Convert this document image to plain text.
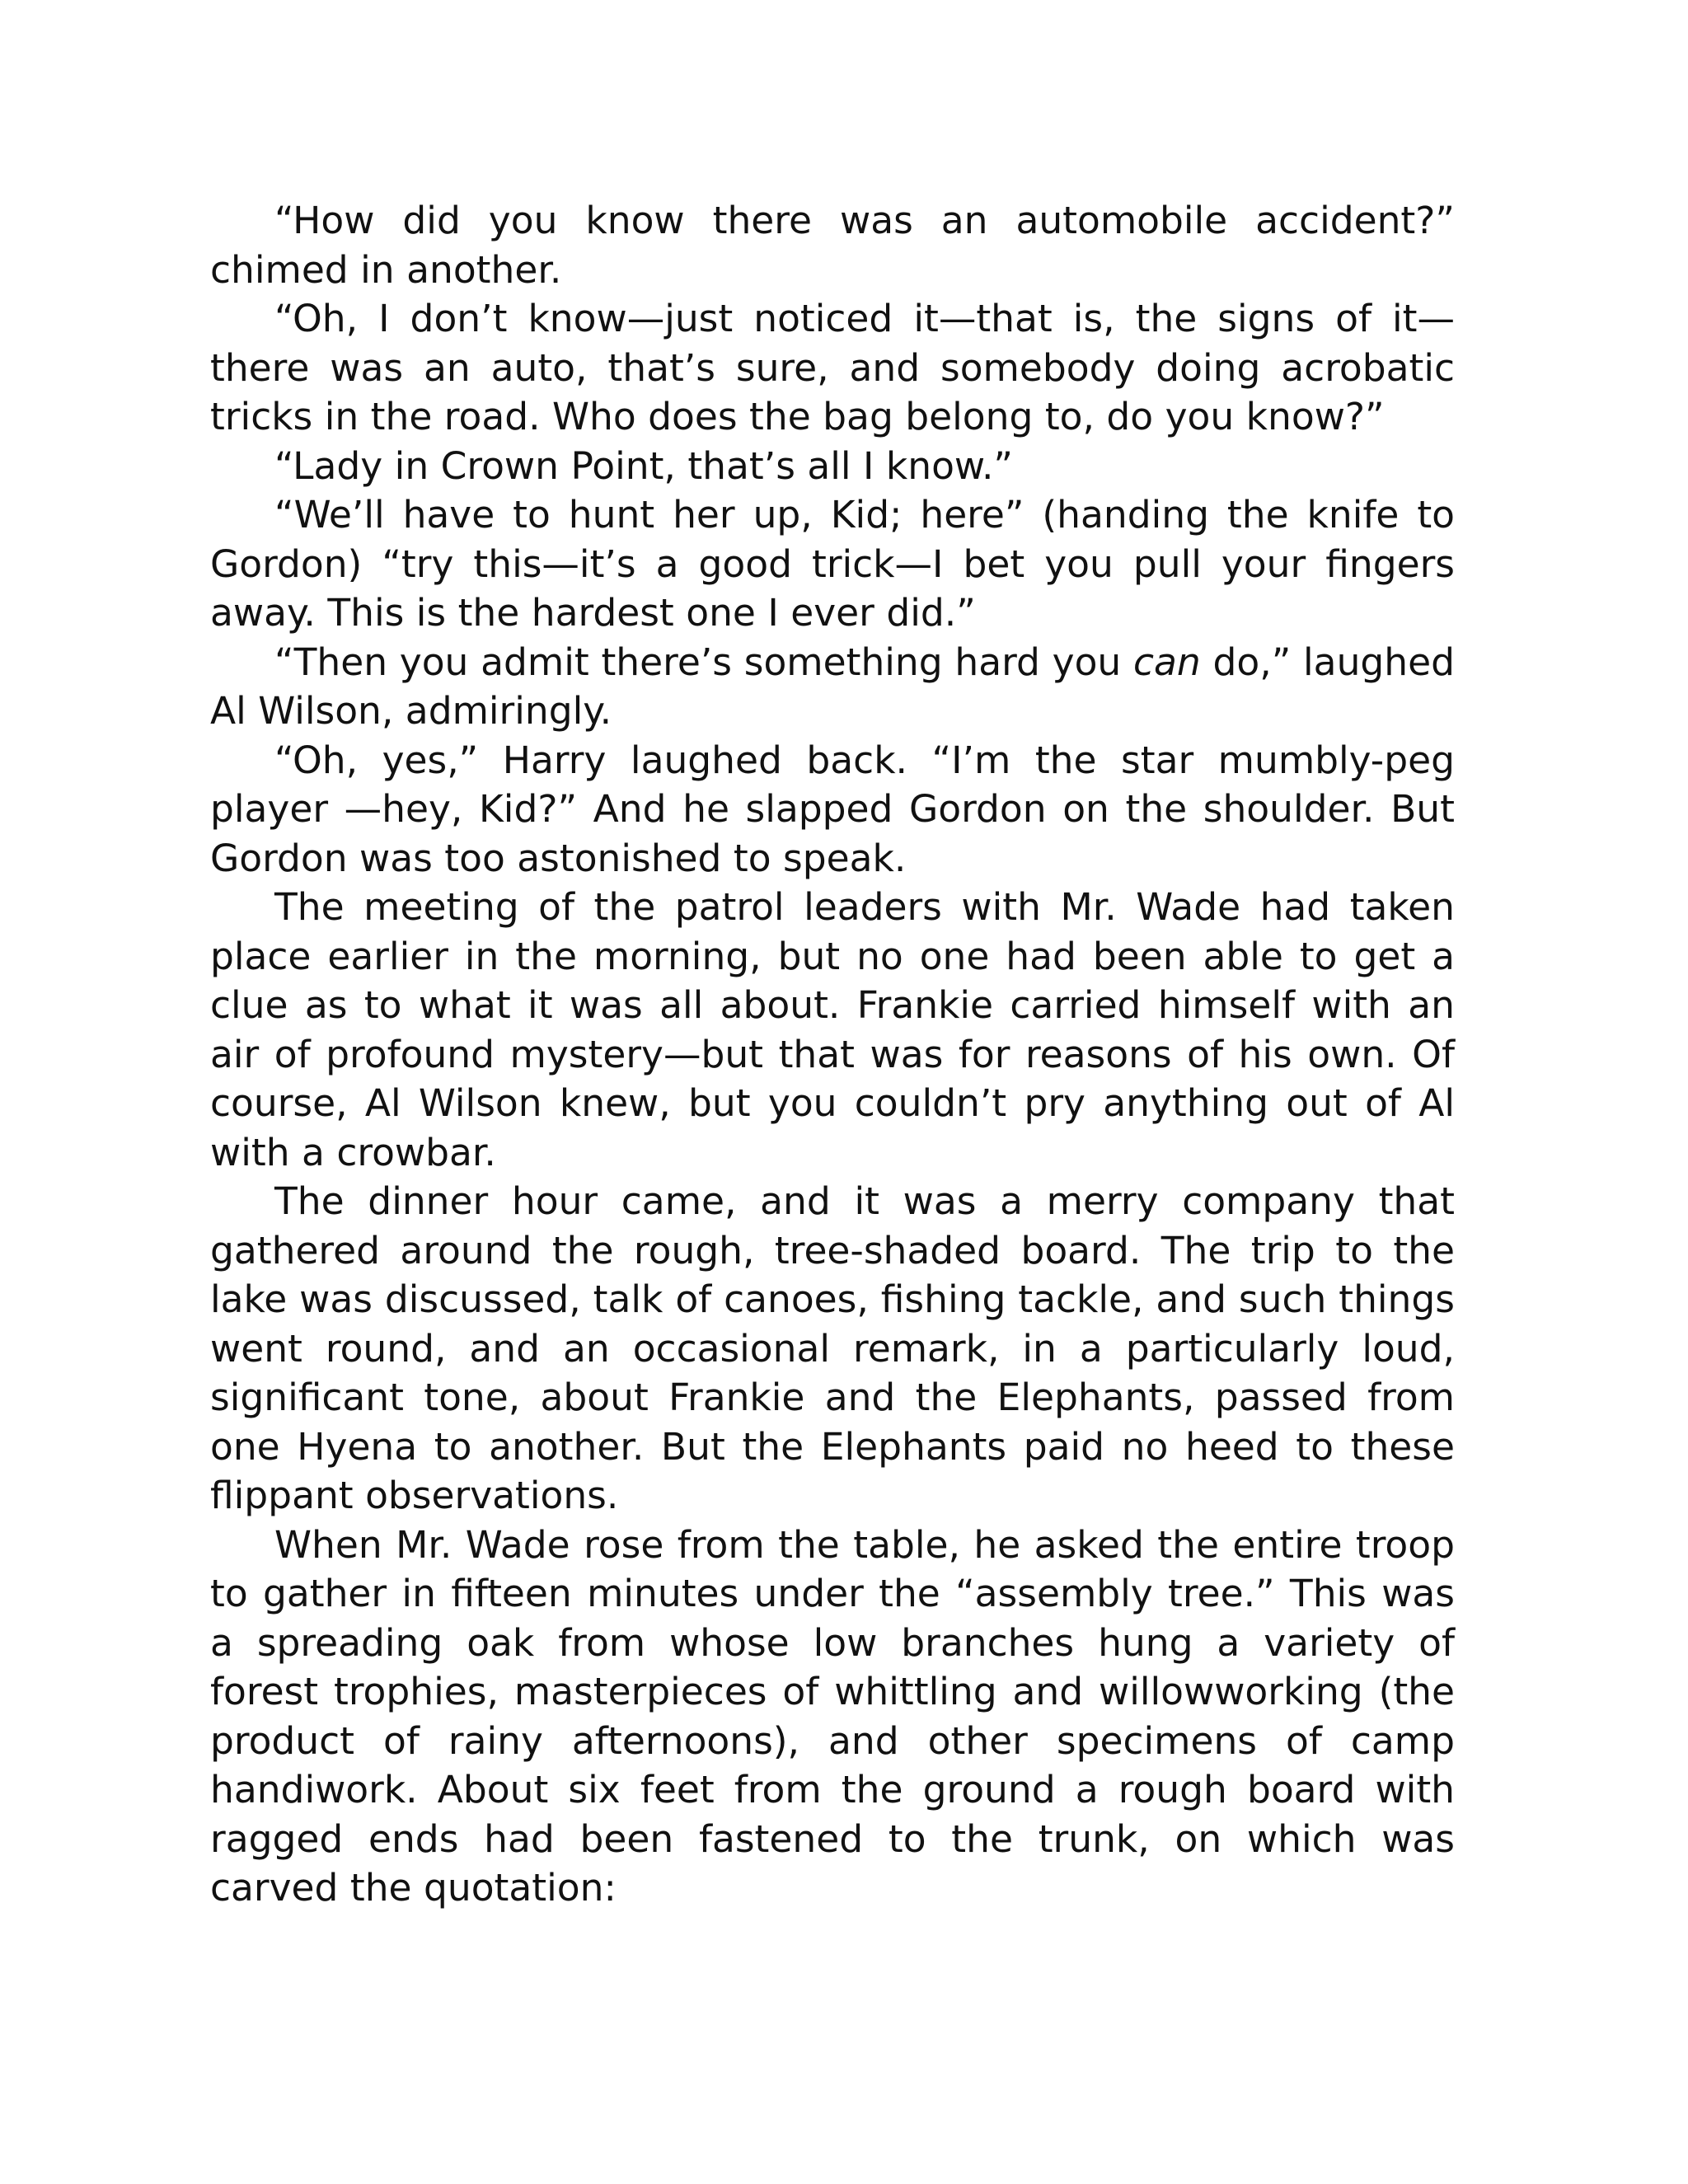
“How did you know there was an automobile accident?” chimed in another.

“Oh, I don’t know—just noticed it—that is, the signs of it—there was an auto, that’s sure, and somebody doing acrobatic tricks in the road. Who does the bag belong to, do you know?”

“Lady in Crown Point, that’s all I know.”

“We’ll have to hunt her up, Kid; here” (handing the knife to Gordon) “try this—it’s a good trick—I bet you pull your fingers away. This is the hardest one I ever did.”

“Then you admit there’s something hard you can do,” laughed Al Wilson, admiringly.

“Oh, yes,” Harry laughed back. “I’m the star mumbly-peg player —hey, Kid?” And he slapped Gordon on the shoulder. But Gordon was too astonished to speak.

The meeting of the patrol leaders with Mr. Wade had taken place earlier in the morning, but no one had been able to get a clue as to what it was all about. Frankie carried himself with an air of profound mystery—but that was for reasons of his own. Of course, Al Wilson knew, but you couldn’t pry anything out of Al with a crowbar.

The dinner hour came, and it was a merry company that gathered around the rough, tree-shaded board. The trip to the lake was discussed, talk of canoes, fishing tackle, and such things went round, and an occasional remark, in a particularly loud, significant tone, about Frankie and the Elephants, passed from one Hyena to another. But the Elephants paid no heed to these flippant observations.

When Mr. Wade rose from the table, he asked the entire troop to gather in fifteen minutes under the “assembly tree.” This was a spreading oak from whose low branches hung a variety of forest trophies, masterpieces of whittling and willowworking (the product of rainy afternoons), and other specimens of camp handiwork. About six feet from the ground a rough board with ragged ends had been fastened to the trunk, on which was carved the quotation:
